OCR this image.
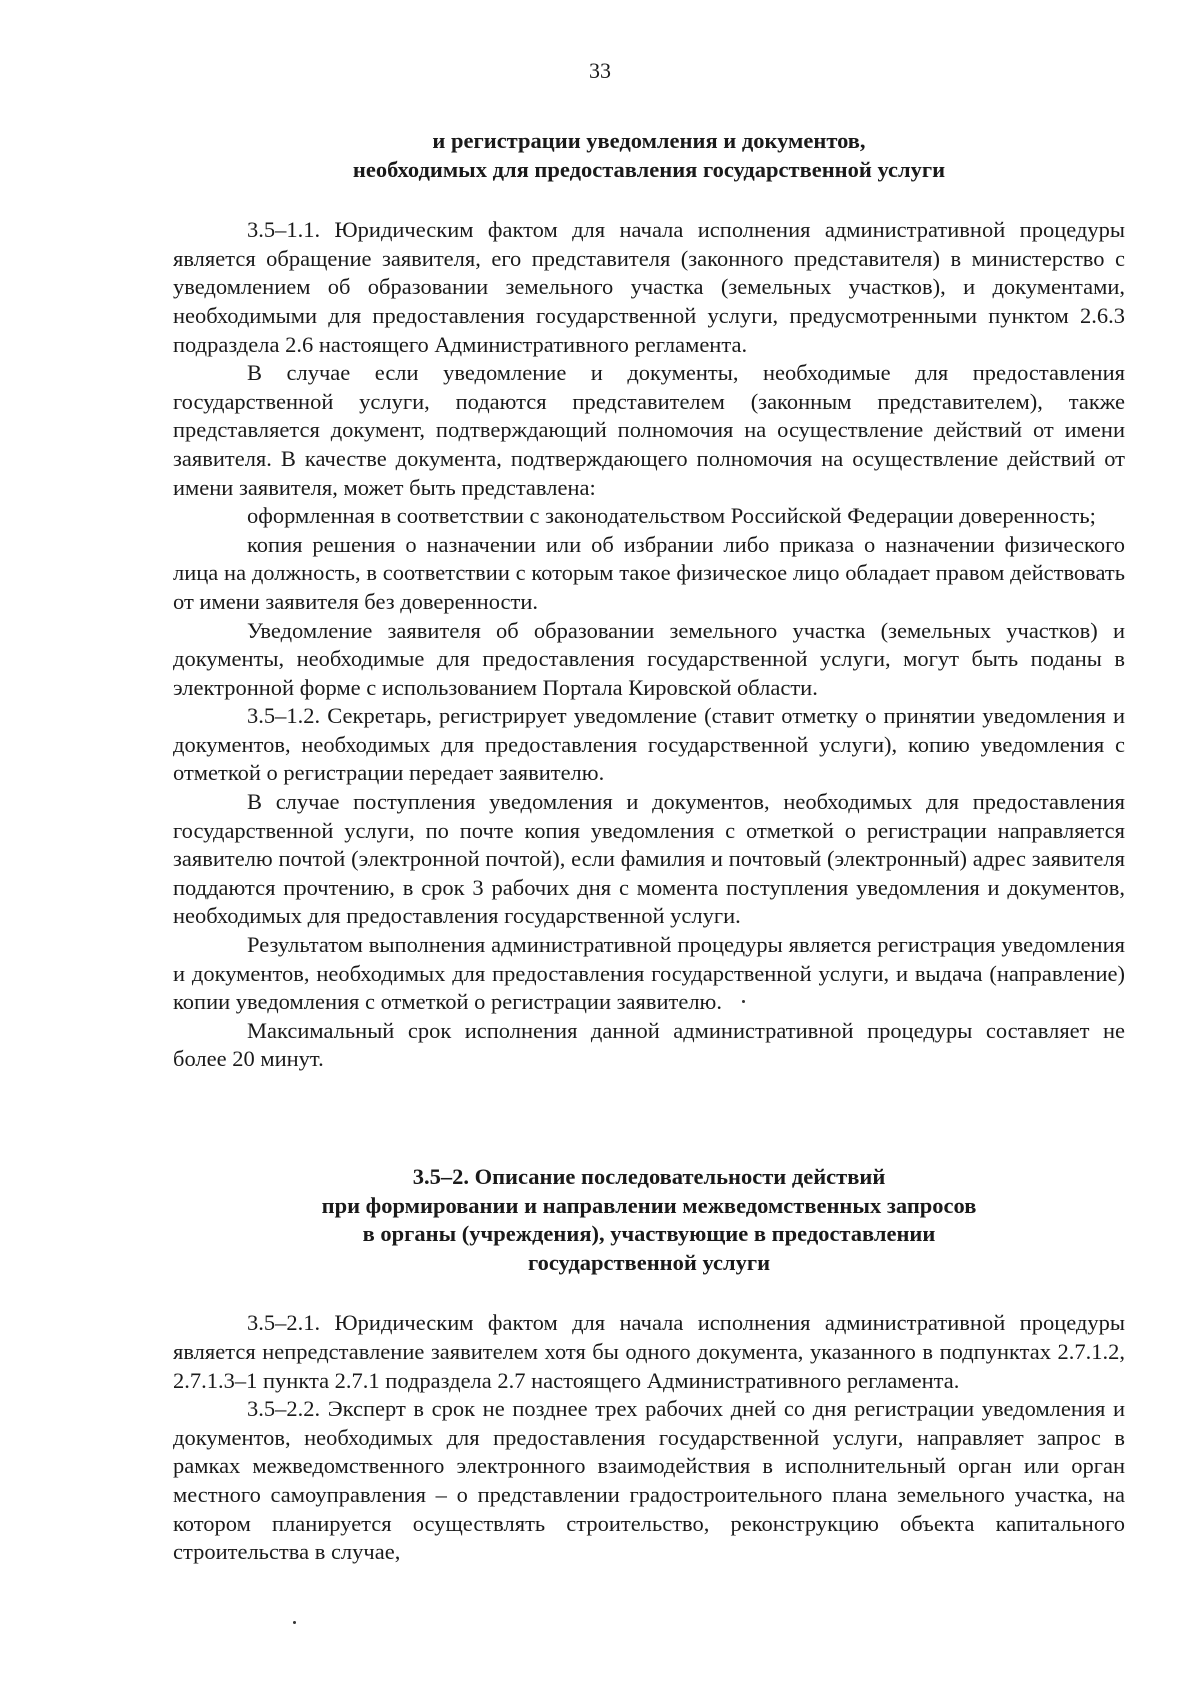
33

и регистрации уведомления и документов,
необходимых для предоставления государственной услуги

3.5–1.1. Юридическим фактом для начала исполнения административной процедуры является обращение заявителя, его представителя (законного представителя) в министерство с уведомлением об образовании земельного участка (земельных участков), и документами, необходимыми для предоставления государственной услуги, предусмотренными пунктом 2.6.3 подраздела 2.6 настоящего Административного регламента.

В случае если уведомление и документы, необходимые для предоставления государственной услуги, подаются представителем (законным представителем), также представляется документ, подтверждающий полномочия на осуществление действий от имени заявителя. В качестве документа, подтверждающего полномочия на осуществление действий от имени заявителя, может быть представлена:

оформленная в соответствии с законодательством Российской Федерации доверенность;

копия решения о назначении или об избрании либо приказа о назначении физического лица на должность, в соответствии с которым такое физическое лицо обладает правом действовать от имени заявителя без доверенности.

Уведомление заявителя об образовании земельного участка (земельных участков) и документы, необходимые для предоставления государственной услуги, могут быть поданы в электронной форме с использованием Портала Кировской области.

3.5–1.2. Секретарь, регистрирует уведомление (ставит отметку о принятии уведомления и документов, необходимых для предоставления государственной услуги), копию уведомления с отметкой о регистрации передает заявителю.

В случае поступления уведомления и документов, необходимых для предоставления государственной услуги, по почте копия уведомления с отметкой о регистрации направляется заявителю почтой (электронной почтой), если фамилия и почтовый (электронный) адрес заявителя поддаются прочтению, в срок 3 рабочих дня с момента поступления уведомления и документов, необходимых для предоставления государственной услуги.

Результатом выполнения административной процедуры является регистрация уведомления и документов, необходимых для предоставления государственной услуги, и выдача (направление) копии уведомления с отметкой о регистрации заявителю.

Максимальный срок исполнения данной административной процедуры составляет не более 20 минут.

3.5–2. Описание последовательности действий
при формировании и направлении межведомственных запросов
в органы (учреждения), участвующие в предоставлении
государственной услуги

3.5–2.1. Юридическим фактом для начала исполнения административной процедуры является непредставление заявителем хотя бы одного документа, указанного в подпунктах 2.7.1.2, 2.7.1.3–1 пункта 2.7.1 подраздела 2.7 настоящего Административного регламента.

3.5–2.2. Эксперт в срок не позднее трех рабочих дней со дня регистрации уведомления и документов, необходимых для предоставления государственной услуги, направляет запрос в рамках межведомственного электронного взаимодействия в исполнительный орган или орган местного самоуправления – о представлении градостроительного плана земельного участка, на котором планируется осуществлять строительство, реконструкцию объекта капитального строительства в случае,
